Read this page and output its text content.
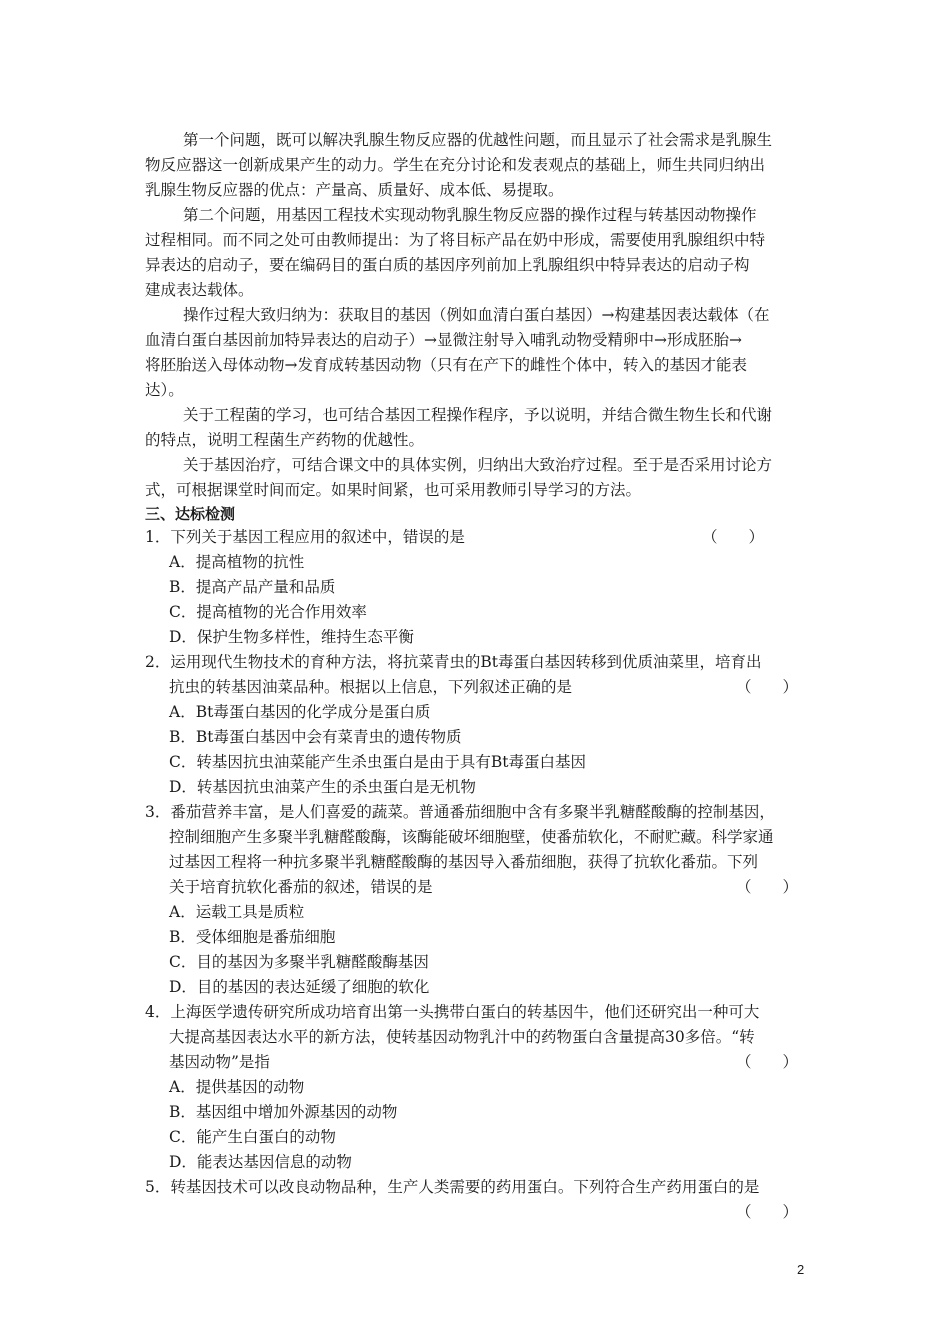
第一个问题，既可以解决乳腺生物反应器的优越性问题，而且显示了社会需求是乳腺生
物反应器这一创新成果产生的动力。学生在充分讨论和发表观点的基础上，师生共同归纳出
乳腺生物反应器的优点：产量高、质量好、成本低、易提取。
第二个问题，用基因工程技术实现动物乳腺生物反应器的操作过程与转基因动物操作
过程相同。而不同之处可由教师提出：为了将目标产品在奶中形成，需要使用乳腺组织中特
异表达的启动子，要在编码目的蛋白质的基因序列前加上乳腺组织中特异表达的启动子构
建成表达载体。
操作过程大致归纳为：获取目的基因（例如血清白蛋白基因）→构建基因表达载体（在
血清白蛋白基因前加特异表达的启动子）→显微注射导入哺乳动物受精卵中→形成胚胎→
将胚胎送入母体动物→发育成转基因动物（只有在产下的雌性个体中，转入的基因才能表
达）。
关于工程菌的学习，也可结合基因工程操作程序，予以说明，并结合微生物生长和代谢
的特点，说明工程菌生产药物的优越性。
关于基因治疗，可结合课文中的具体实例，归纳出大致治疗过程。至于是否采用讨论方
式，可根据课堂时间而定。如果时间紧，也可采用教师引导学习的方法。
三、达标检测
1．下列关于基因工程应用的叙述中，错误的是	（　　）
A．提高植物的抗性
B．提高产品产量和品质
C．提高植物的光合作用效率
D．保护生物多样性，维持生态平衡
2．运用现代生物技术的育种方法，将抗菜青虫的Bt毒蛋白基因转移到优质油菜里，培育出
抗虫的转基因油菜品种。根据以上信息，下列叙述正确的是	（　　）
A．Bt毒蛋白基因的化学成分是蛋白质
B．Bt毒蛋白基因中会有菜青虫的遗传物质
C．转基因抗虫油菜能产生杀虫蛋白是由于具有Bt毒蛋白基因
D．转基因抗虫油菜产生的杀虫蛋白是无机物
3．番茄营养丰富，是人们喜爱的蔬菜。普通番茄细胞中含有多聚半乳糖醛酸酶的控制基因，
控制细胞产生多聚半乳糖醛酸酶，该酶能破坏细胞壁，使番茄软化，不耐贮藏。科学家通
过基因工程将一种抗多聚半乳糖醛酸酶的基因导入番茄细胞，获得了抗软化番茄。下列
关于培育抗软化番茄的叙述，错误的是	（　　）
A．运载工具是质粒
B．受体细胞是番茄细胞
C．目的基因为多聚半乳糖醛酸酶基因
D．目的基因的表达延缓了细胞的软化
4．上海医学遗传研究所成功培育出第一头携带白蛋白的转基因牛，他们还研究出一种可大
大提高基因表达水平的新方法，使转基因动物乳汁中的药物蛋白含量提高30多倍。“转
基因动物”是指	（　　）
A．提供基因的动物
B．基因组中增加外源基因的动物
C．能产生白蛋白的动物
D．能表达基因信息的动物
5．转基因技术可以改良动物品种，生产人类需要的药用蛋白。下列符合生产药用蛋白的是
（　　）
2
